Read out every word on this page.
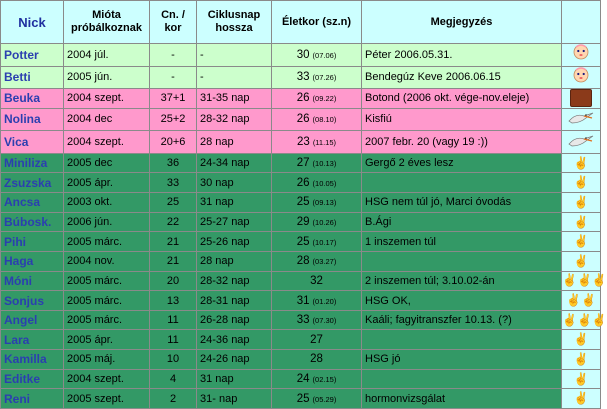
Nick	Mióta próbálkoznak	Cn. / kor	Ciklusnap hossza	Életkor (sz.n)	Megjegyzés	
Potter	2004 júl.	-	-	30 (07.06)	Péter 2006.05.31.	
Betti	2005 jún.	-	-	33 (07.26)	Bendegúz Keve 2006.06.15	
Beuka	2004 szept.	37+1	31-35 nap	26 (09.22)	Botond (2006 okt. vége-nov.eleje)	
Nolina	2004 dec	25+2	28-32 nap	26 (08.10)	Kisfiú	
Vica	2004 szept.	20+6	28 nap	23 (11.15)	2007 febr. 20 (vagy 19 :))	
Miniliza	2005 dec	36	24-34 nap	27 (10.13)	Gergő 2 éves lesz	✌
Zsuzska	2005 ápr.	33	30 nap	26 (10.05)		✌
Ancsa	2003 okt.	25	31 nap	25 (09.13)	HSG nem túl jó, Marci óvodás	✌
Búbosk.	2006 jún.	22	25-27 nap	29 (10.26)	B.Ági	✌
Pihi	2005 márc.	21	25-26 nap	25 (10.17)	1 inszemen túl	✌
Haga	2004 nov.	21	28 nap	28 (03.27)		✌
Móni	2005 márc.	20	28-32 nap	32	2 inszemen túl; 3.10.02-án	✌✌✌
Sonjus	2005 márc.	13	28-31 nap	31 (01.20)	HSG OK,	✌✌
Angel	2005 márc.	11	26-28 nap	33 (07.30)	Kaáli; fagyitranszfer 10.13. (?)	✌✌✌
Lara	2005 ápr.	11	24-36 nap	27		✌
Kamilla	2005 máj.	10	24-26 nap	28	HSG jó	✌
Editke	2004 szept.	4	31 nap	24 (02.15)		✌
Reni	2005 szept.	2	31- nap	25 (05.29)	hormonvizsgálat	✌
